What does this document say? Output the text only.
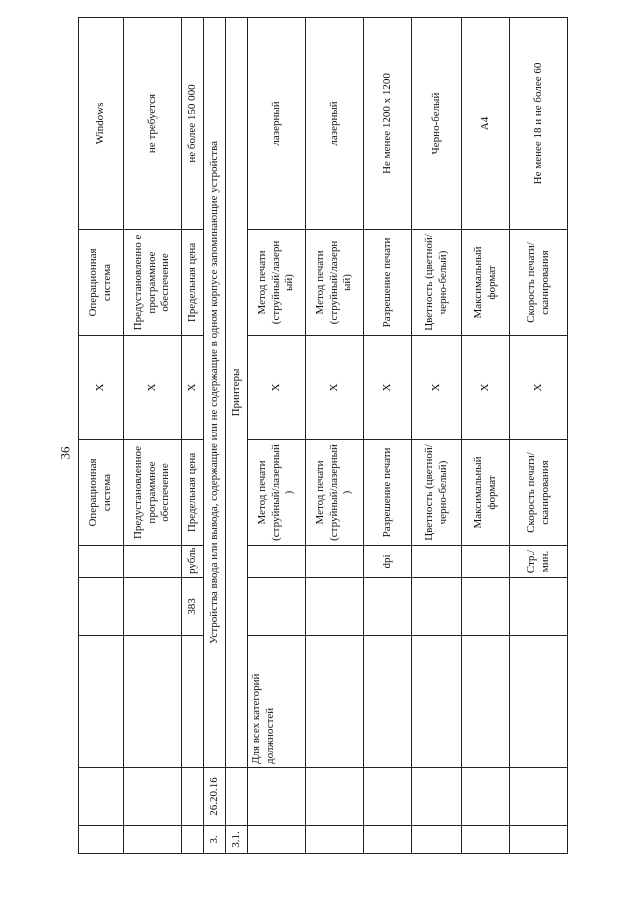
36
					Операционная система	X	Операционная система	Windows
					Предустановленное программное обеспечение	X	Предустановленно е программное обеспечение	не требуется
			383	рубль	Предельная цена	X	Предельная цена	не более 150 000
3.	26.20.16	Устройства ввода или вывода, содержащие или не содержащие в одном корпусе запоминающие устройства						
3.1.		Принтеры						
		Для всех категорий должностей			Метод печати (струйный/лазерный )	X	Метод печати (струйный/лазерн ый)	лазерный
					Метод печати (струйный/лазерный )	X	Метод печати (струйный/лазерн ый)	лазерный
				dpi	Разрешение печати	X	Разрешение печати	Не менее 1200 х 1200
					Цветность (цветной/черно-белый)	X	Цветность (цветной/черно-белый)	Черно-белый
					Максимальный формат	X	Максимальный формат	А4
				Стр./мин.	Скорость печати/сканирования	X	Скорость печати/сканирования	Не менее 18 и не более 60
